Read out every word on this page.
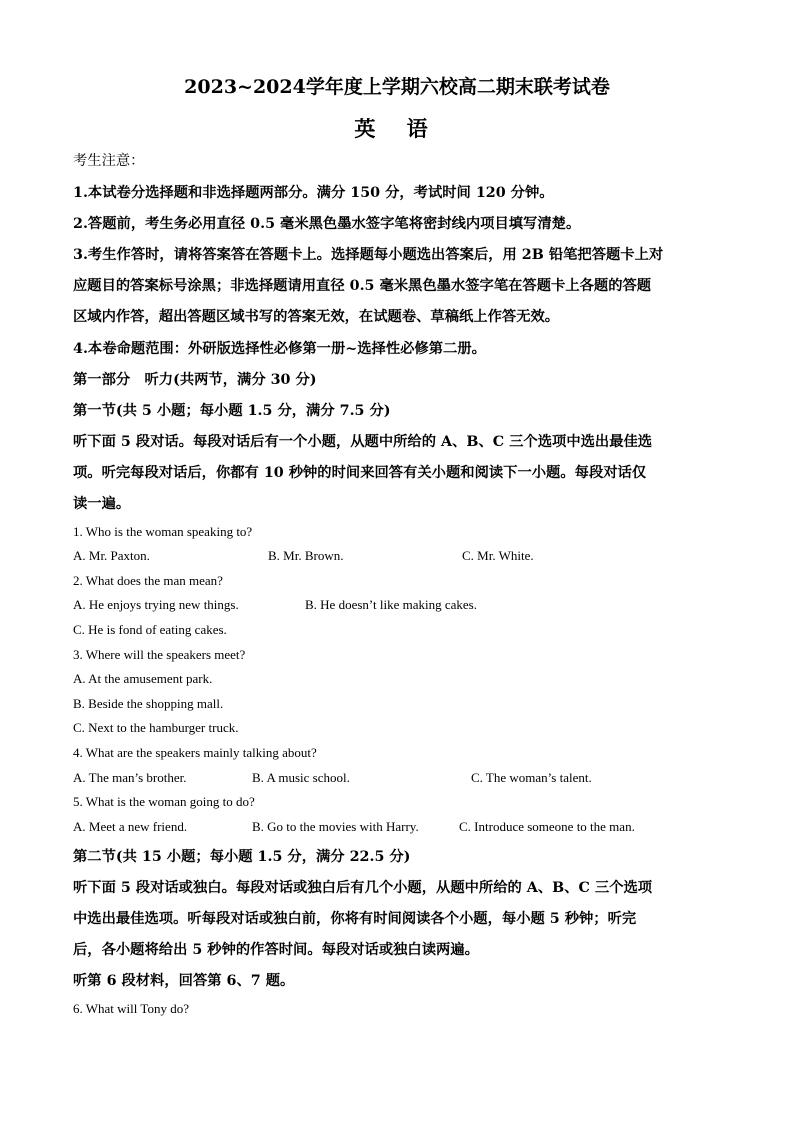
2023~2024学年度上学期六校高二期末联考试卷
英 语
考生注意：
1.本试卷分选择题和非选择题两部分。满分 150 分，考试时间 120 分钟。
2.答题前，考生务必用直径 0.5 毫米黑色墨水签字笔将密封线内项目填写清楚。
3.考生作答时，请将答案答在答题卡上。选择题每小题选出答案后，用 2B 铅笔把答题卡上对
应题目的答案标号涂黑；非选择题请用直径 0.5 毫米黑色墨水签字笔在答题卡上各题的答题
区域内作答，超出答题区域书写的答案无效，在试题卷、草稿纸上作答无效。
4.本卷命题范围：外研版选择性必修第一册~选择性必修第二册。
第一部分　听力(共两节，满分 30 分)
第一节(共 5 小题；每小题 1.5 分，满分 7.5 分)
听下面 5 段对话。每段对话后有一个小题，从题中所给的 A、B、C 三个选项中选出最佳选
项。听完每段对话后，你都有 10 秒钟的时间来回答有关小题和阅读下一小题。每段对话仅
读一遍。
1. Who is the woman speaking to?
A. Mr. Paxton.	B. Mr. Brown.	C. Mr. White.
2. What does the man mean?
A. He enjoys trying new things.	B. He doesn’t like making cakes.
C. He is fond of eating cakes.
3. Where will the speakers meet?
A. At the amusement park.
B. Beside the shopping mall.
C. Next to the hamburger truck.
4. What are the speakers mainly talking about?
A. The man’s brother.	B. A music school.	C. The woman’s talent.
5. What is the woman going to do?
A. Meet a new friend.	B. Go to the movies with Harry.	C. Introduce someone to the man.
第二节(共 15 小题；每小题 1.5 分，满分 22.5 分)
听下面 5 段对话或独白。每段对话或独白后有几个小题，从题中所给的 A、B、C 三个选项
中选出最佳选项。听每段对话或独白前，你将有时间阅读各个小题，每小题 5 秒钟；听完
后，各小题将给出 5 秒钟的作答时间。每段对话或独白读两遍。
听第 6 段材料，回答第 6、7 题。
6. What will Tony do?
